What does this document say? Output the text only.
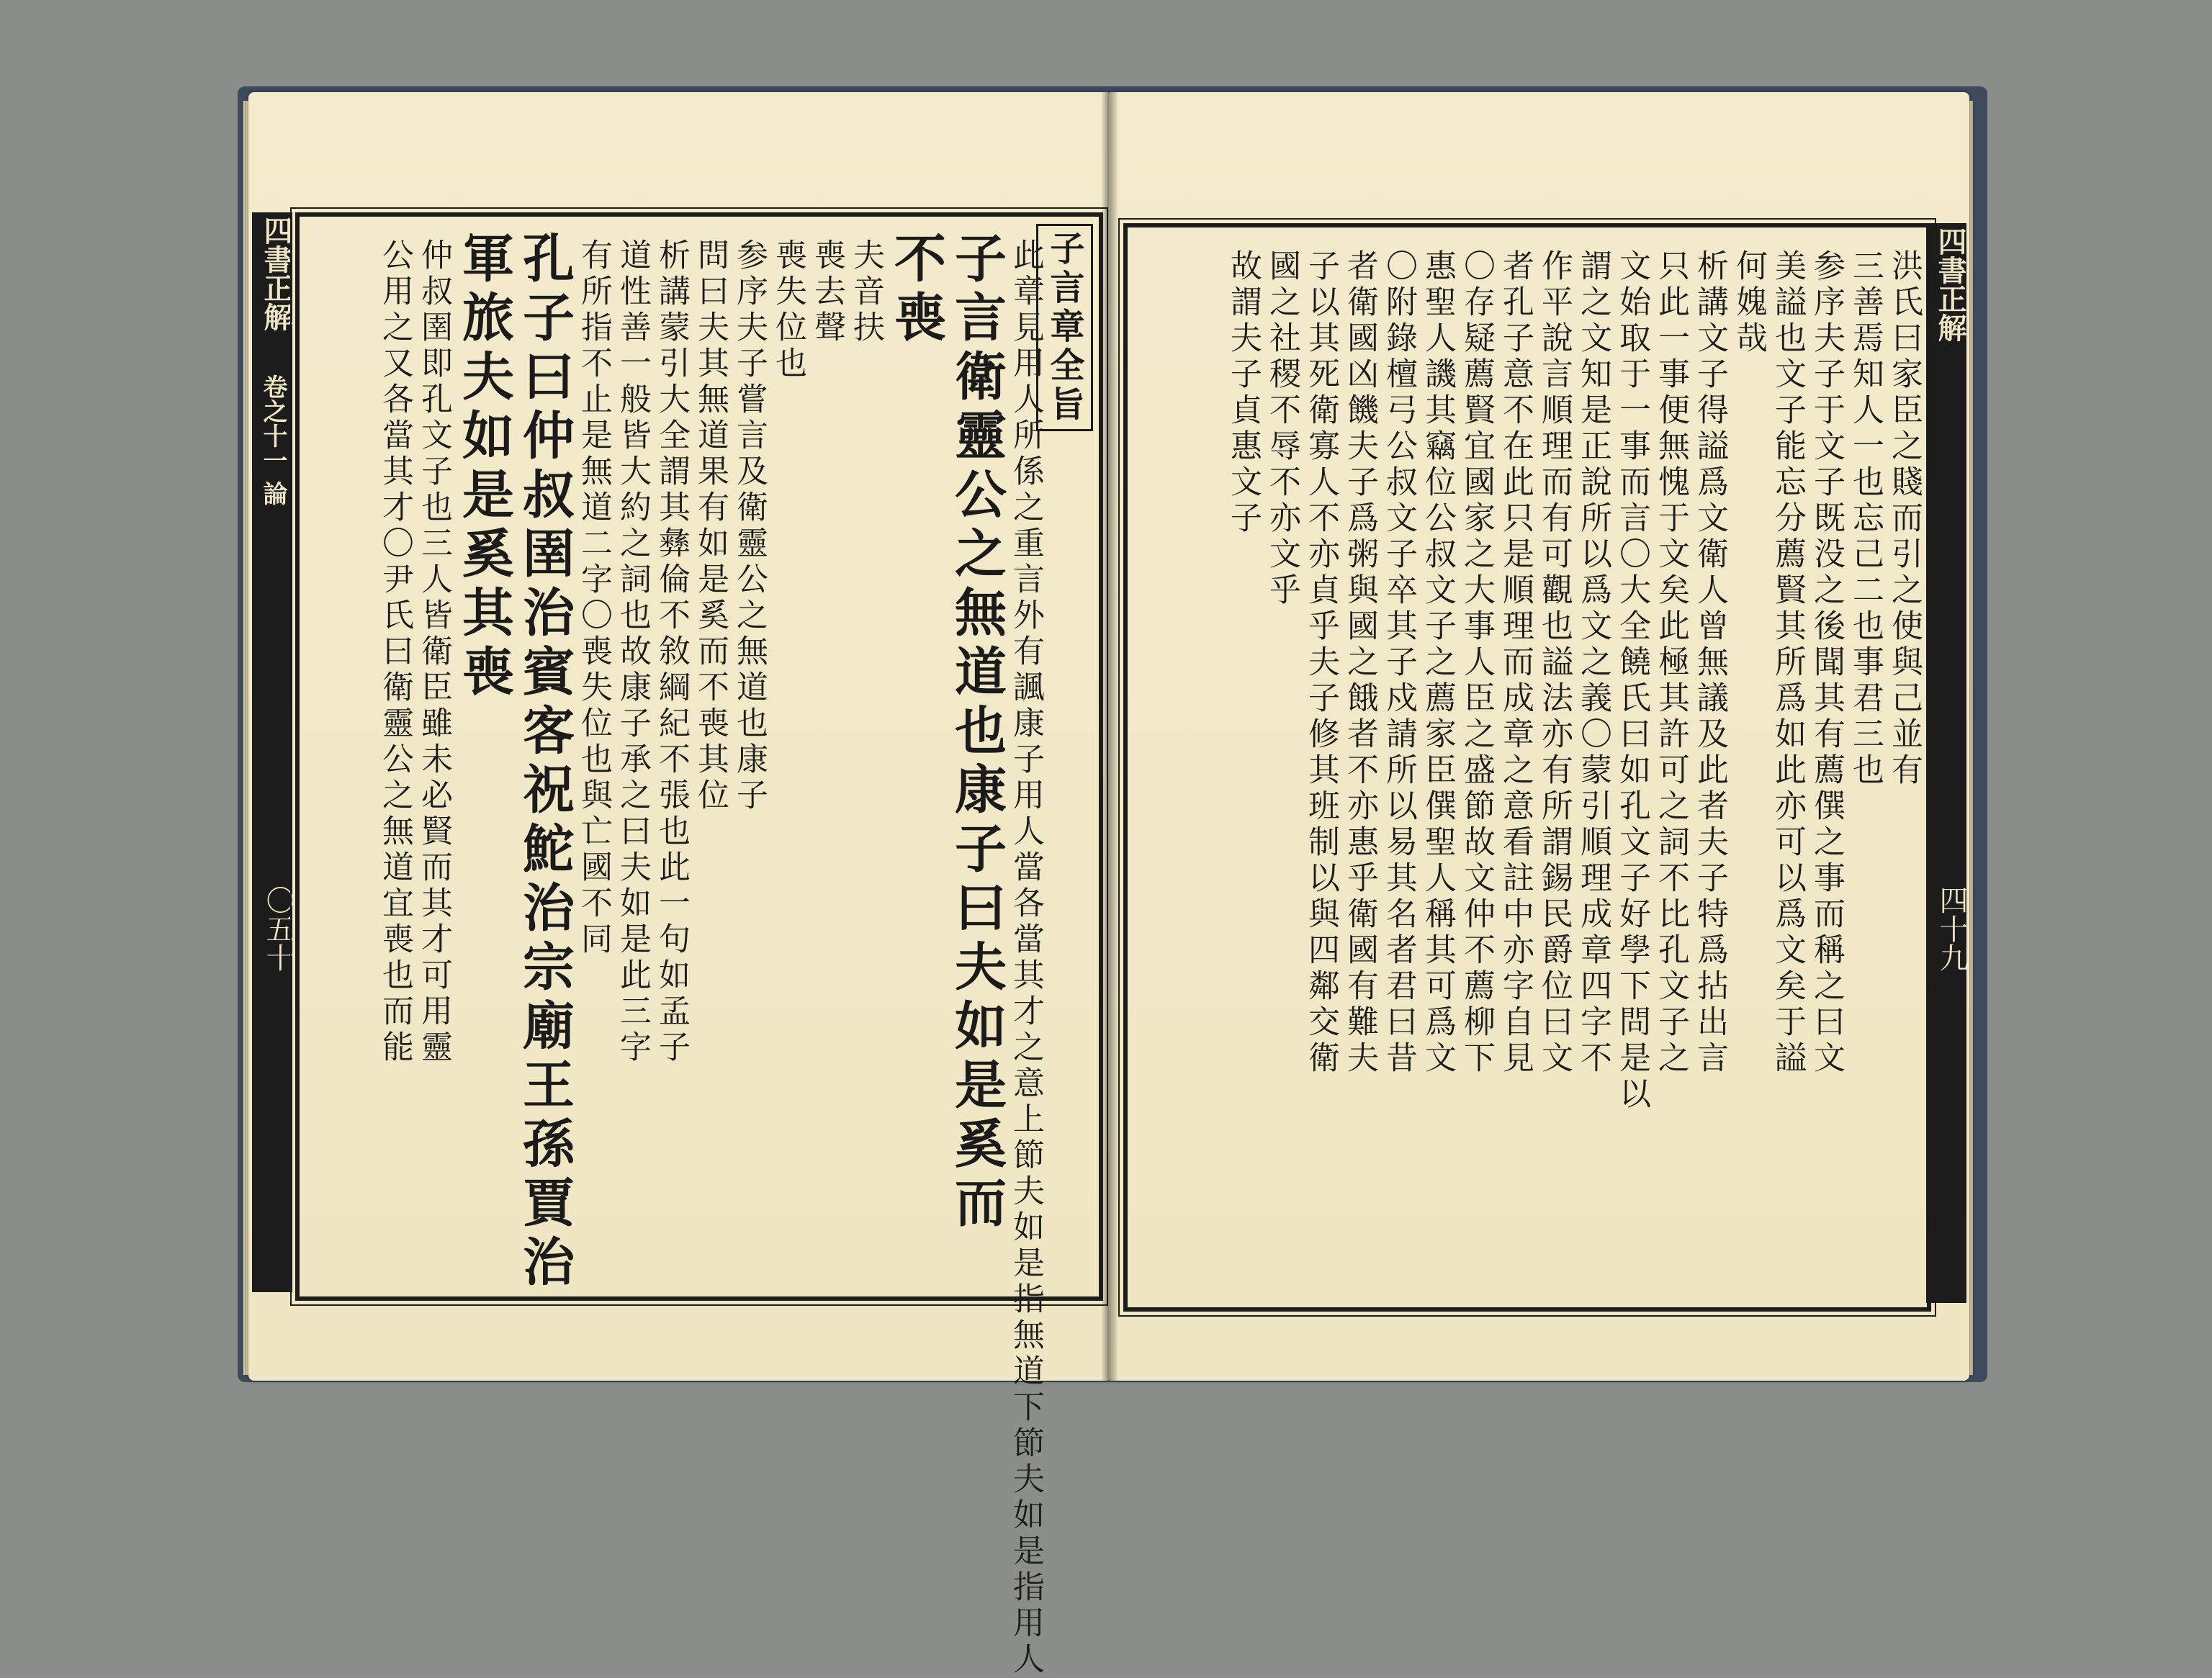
四書正解
卷之十一 論
〇五十
四書正解
四十九
子言章全旨
此章見用人所係之重言外有諷康子用人當各當其才之意上節夫如是指無道下節夫如是指用人
子言衛靈公之無道也康子曰夫如是奚而
不喪
夫音扶
喪去聲
喪失位也
参序夫子嘗言及衛靈公之無道也康子
問曰夫其無道果有如是奚而不喪其位
析講蒙引大全謂其彝倫不敘綱紀不張也此一句如孟子
道性善一般皆大約之詞也故康子承之曰夫如是此三字
有所指不止是無道二字〇喪失位也與亡國不同
孔子曰仲叔圉治賓客祝鮀治宗廟王孫賈治
軍旅夫如是奚其喪
仲叔圉即孔文子也三人皆衛臣雖未必賢而其才可用靈
公用之又各當其才〇尹氏曰衛靈公之無道宜喪也而能	洪氏曰家臣之賤而引之使與己並有
三善焉知人一也忘己二也事君三也
参序夫子于文子既没之後聞其有薦僎之事而稱之曰文
美謚也文子能忘分薦賢其所爲如此亦可以爲文矣于謚
何媿哉
析講文子得謚爲文衛人曾無議及此者夫子特爲拈出言
只此一事便無愧于文矣此極其許可之詞不比孔文子之
文始取于一事而言〇大全饒氏曰如孔文子好學下問是以
謂之文知是正說所以爲文之義〇蒙引順理成章四字不
作平說言順理而有可觀也謚法亦有所謂錫民爵位曰文
者孔子意不在此只是順理而成章之意看註中亦字自見
〇存疑薦賢宜國家之大事人臣之盛節故文仲不薦柳下
惠聖人譏其竊位公叔文子之薦家臣僎聖人稱其可爲文
〇附錄檀弓公叔文子卒其子戍請所以易其名者君曰昔
者衛國凶饑夫子爲粥與國之餓者不亦惠乎衛國有難夫
子以其死衛寡人不亦貞乎夫子修其班制以與四鄰交衛
國之社稷不辱不亦文乎
故謂夫子貞惠文子
